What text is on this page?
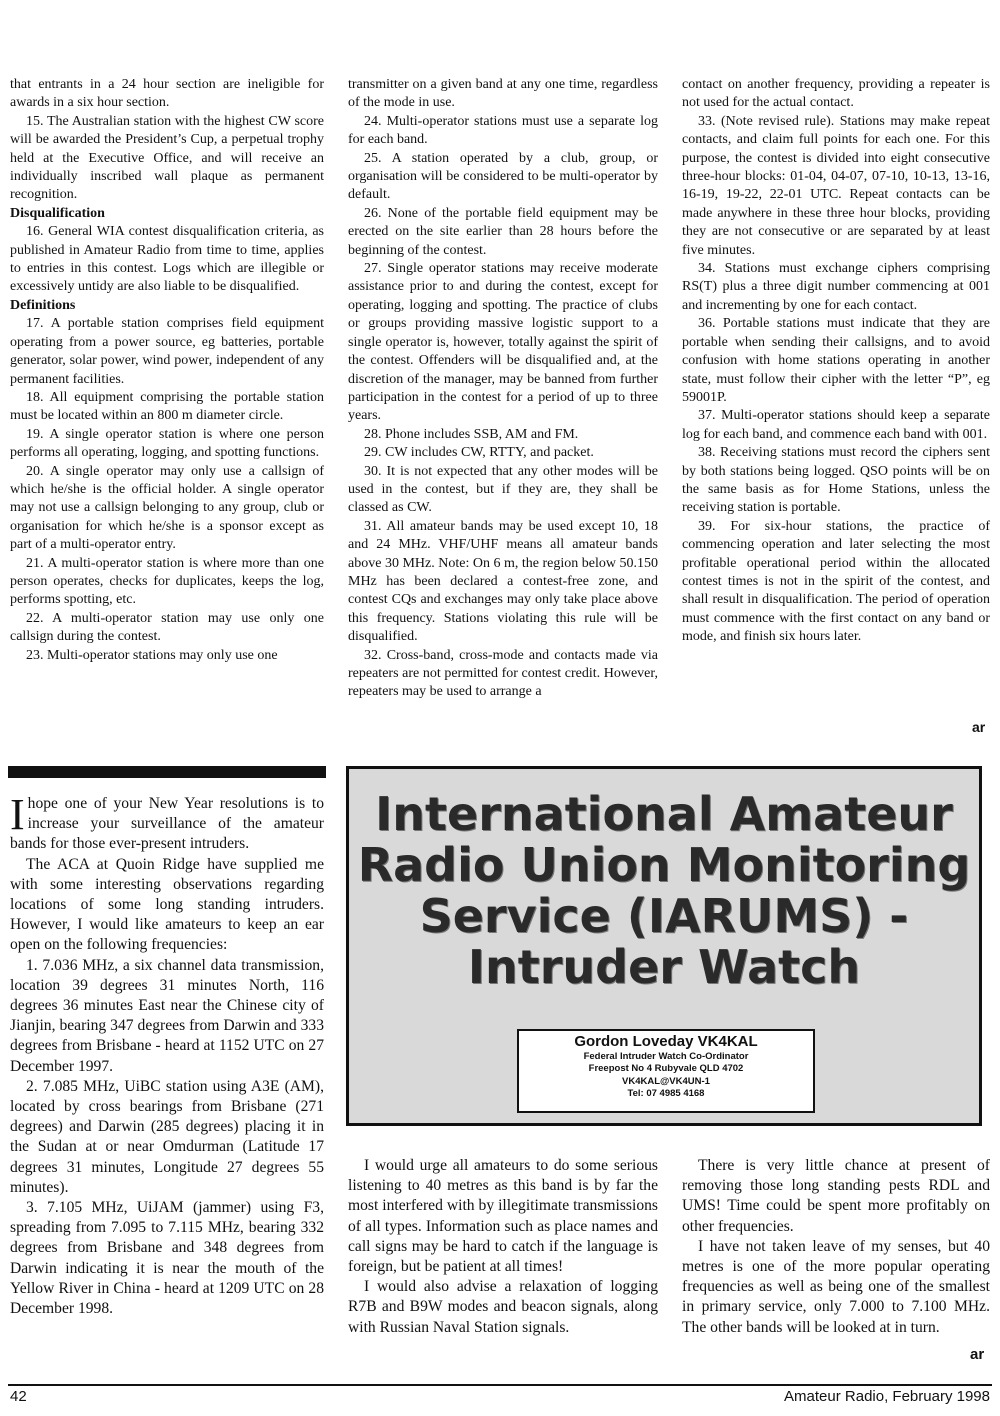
that entrants in a 24 hour section are ineligible for awards in a six hour section.

15. The Australian station with the highest CW score will be awarded the President’s Cup, a perpetual trophy held at the Executive Office, and will receive an individually inscribed wall plaque as permanent recognition.

Disqualification

16. General WIA contest disqualification criteria, as published in Amateur Radio from time to time, applies to entries in this contest. Logs which are illegible or excessively untidy are also liable to be disqualified.

Definitions

17. A portable station comprises field equipment operating from a power source, eg batteries, portable generator, solar power, wind power, independent of any permanent facilities.

18. All equipment comprising the portable station must be located within an 800 m diameter circle.

19. A single operator station is where one person performs all operating, logging, and spotting functions.

20. A single operator may only use a callsign of which he/she is the official holder. A single operator may not use a callsign belonging to any group, club or organisation for which he/she is a sponsor except as part of a multi-operator entry.

21. A multi-operator station is where more than one person operates, checks for duplicates, keeps the log, performs spotting, etc.

22. A multi-operator station may use only one callsign during the contest.

23. Multi-operator stations may only use one

transmitter on a given band at any one time, regardless of the mode in use.

24. Multi-operator stations must use a separate log for each band.

25. A station operated by a club, group, or organisation will be considered to be multi-operator by default.

26. None of the portable field equipment may be erected on the site earlier than 28 hours before the beginning of the contest.

27. Single operator stations may receive moderate assistance prior to and during the contest, except for operating, logging and spotting. The practice of clubs or groups providing massive logistic support to a single operator is, however, totally against the spirit of the contest. Offenders will be disqualified and, at the discretion of the manager, may be banned from further participation in the contest for a period of up to three years.

28. Phone includes SSB, AM and FM.

29. CW includes CW, RTTY, and packet.

30. It is not expected that any other modes will be used in the contest, but if they are, they shall be classed as CW.

31. All amateur bands may be used except 10, 18 and 24 MHz. VHF/UHF means all amateur bands above 30 MHz. Note: On 6 m, the region below 50.150 MHz has been declared a contest-free zone, and contest CQs and exchanges may only take place above this frequency. Stations violating this rule will be disqualified.

32. Cross-band, cross-mode and contacts made via repeaters are not permitted for contest credit. However, repeaters may be used to arrange a

contact on another frequency, providing a repeater is not used for the actual contact.

33. (Note revised rule). Stations may make repeat contacts, and claim full points for each one. For this purpose, the contest is divided into eight consecutive three-hour blocks: 01-04, 04-07, 07-10, 10-13, 13-16, 16-19, 19-22, 22-01 UTC. Repeat contacts can be made anywhere in these three hour blocks, providing they are not consecutive or are separated by at least five minutes.

34. Stations must exchange ciphers comprising RS(T) plus a three digit number commencing at 001 and incrementing by one for each contact.

36. Portable stations must indicate that they are portable when sending their callsigns, and to avoid confusion with home stations operating in another state, must follow their cipher with the letter “P”, eg 59001P.

37. Multi-operator stations should keep a separate log for each band, and commence each band with 001.

38. Receiving stations must record the ciphers sent by both stations being logged. QSO points will be on the same basis as for Home Stations, unless the receiving station is portable.

39. For six-hour stations, the practice of commencing operation and later selecting the most profitable operational period within the allocated contest times is not in the spirit of the contest, and shall result in disqualification. The period of operation must commence with the first contact on any band or mode, and finish six hours later.

ar
International Amateur
Radio Union Monitoring
Service (IARUMS) -
Intruder Watch
Gordon Loveday VK4KAL
Federal Intruder Watch Co-Ordinator
Freepost No 4 Rubyvale QLD 4702
VK4KAL@VK4UN-1
Tel: 07 4985 4168
I hope one of your New Year resolutions is to increase your surveillance of the amateur bands for those ever-present intruders.

The ACA at Quoin Ridge have supplied me with some interesting observations regarding locations of some long standing intruders. However, I would like amateurs to keep an ear open on the following frequencies:

1. 7.036 MHz, a six channel data transmission, location 39 degrees 31 minutes North, 116 degrees 36 minutes East near the Chinese city of Jianjin, bearing 347 degrees from Darwin and 333 degrees from Brisbane - heard at 1152 UTC on 27 December 1997.

2. 7.085 MHz, UiBC station using A3E (AM), located by cross bearings from Brisbane (271 degrees) and Darwin (285 degrees) placing it in the Sudan at or near Omdurman (Latitude 17 degrees 31 minutes, Longitude 27 degrees 55 minutes).

3. 7.105 MHz, UiJAM (jammer) using F3, spreading from 7.095 to 7.115 MHz, bearing 332 degrees from Brisbane and 348 degrees from Darwin indicating it is near the mouth of the Yellow River in China - heard at 1209 UTC on 28 December 1998.

I would urge all amateurs to do some serious listening to 40 metres as this band is by far the most interfered with by illegitimate transmissions of all types. Information such as place names and call signs may be hard to catch if the language is foreign, but be patient at all times!

I would also advise a relaxation of logging R7B and B9W modes and beacon signals, along with Russian Naval Station signals.

There is very little chance at present of removing those long standing pests RDL and UMS! Time could be spent more profitably on other frequencies.

I have not taken leave of my senses, but 40 metres is one of the more popular operating frequencies as well as being one of the smallest in primary service, only 7.000 to 7.100 MHz. The other bands will be looked at in turn.

ar
42	Amateur Radio, February 1998
